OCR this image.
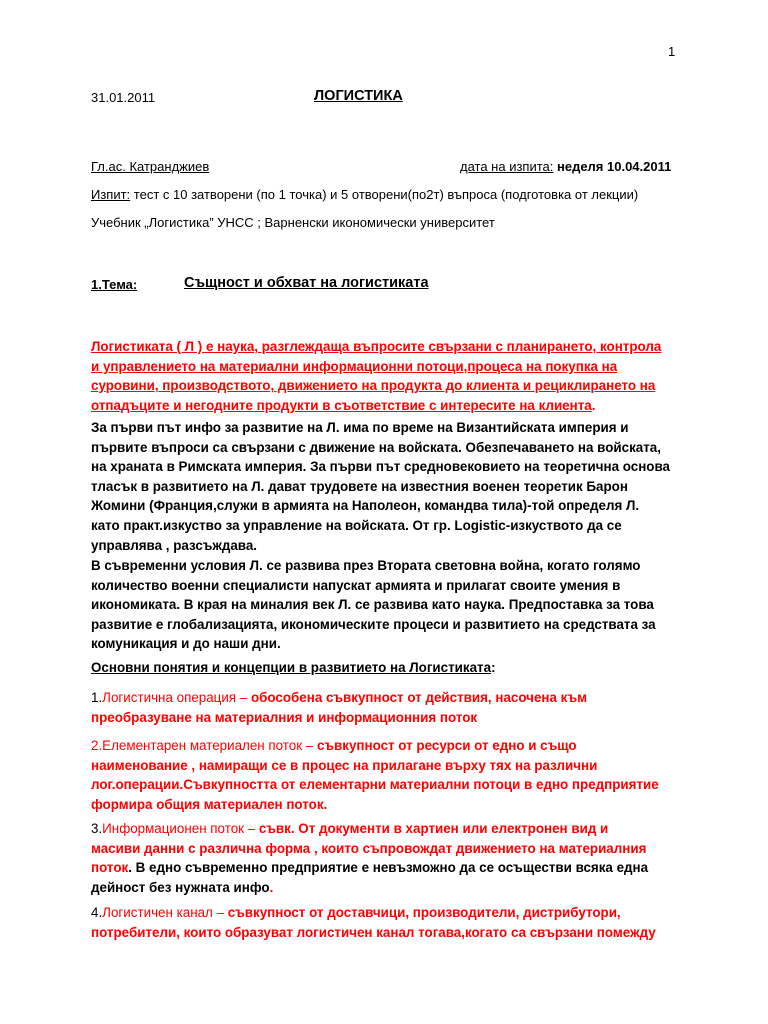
1
31.01.2011	ЛОГИСТИКА
Гл.ас. Катранджиев	дата на изпита: неделя 10.04.2011
Изпит: тест с 10 затворени (по 1 точка) и 5 отворени(по2т) въпроса (подготовка от лекции)
Учебник „Логистика” УНСС ; Варненски икономически университет
1.Тема:	Същност и обхват на логистиката
Логистиката ( Л ) е наука, разглеждаща въпросите свързани с планирането, контрола
и управлението на материални информационни потоци,процеса на покупка на
суровини, производството, движението на продукта до клиента и рециклирането на
отпадъците и негодните продукти в съответствие с интересите на клиента.
За първи път инфо за развитие на Л. има по време на Византийската империя и
първите въпроси са свързани с движение на войската. Обезпечаването на войската,
на храната в Римската империя. За първи път средновековието на теоретична основа
тласък в развитието на Л. дават трудовете на известния военен теоретик Барон
Жомини (Франция,служи в армията на Наполеон, командва тила)-той определя Л.
като практ.изкуство за управление на войската. От гр. Logistic-изкуството да се
управлява , разсъждава.
В съвременни условия Л. се развива през Втората световна война, когато голямо
количество военни специалисти напускат армията и прилагат своите умения в
икономиката. В края на миналия век Л. се развива като наука. Предпоставка за това
развитие е глобализацията, икономическите процеси и развитието на средствата за
комуникация и до наши дни.
Основни понятия и концепции в развитието на Логистиката:
1.Логистична операция – обособена съвкупност от действия, насочена към
преобразуване на материалния и информационния поток
2.Елементарен материален поток – съвкупност от ресурси от едно и също
наименование , намиращи се в процес на прилагане върху тях на различни
лог.операции.Съвкупността от елементарни материални потоци в едно предприятие
формира общия материален поток.
3.Информационен поток – съвк. От документи в хартиен или електронен вид и
масиви данни с различна форма , които съпровождат движението на материалния
поток. В едно съвременно предприятие е невъзможно да се осъществи всяка една
дейност без нужната инфо.
4.Логистичен канал – съвкупност от доставчици, производители, дистрибутори,
потребители, които образуват логистичен канал тогава,когато са свързани помежду
